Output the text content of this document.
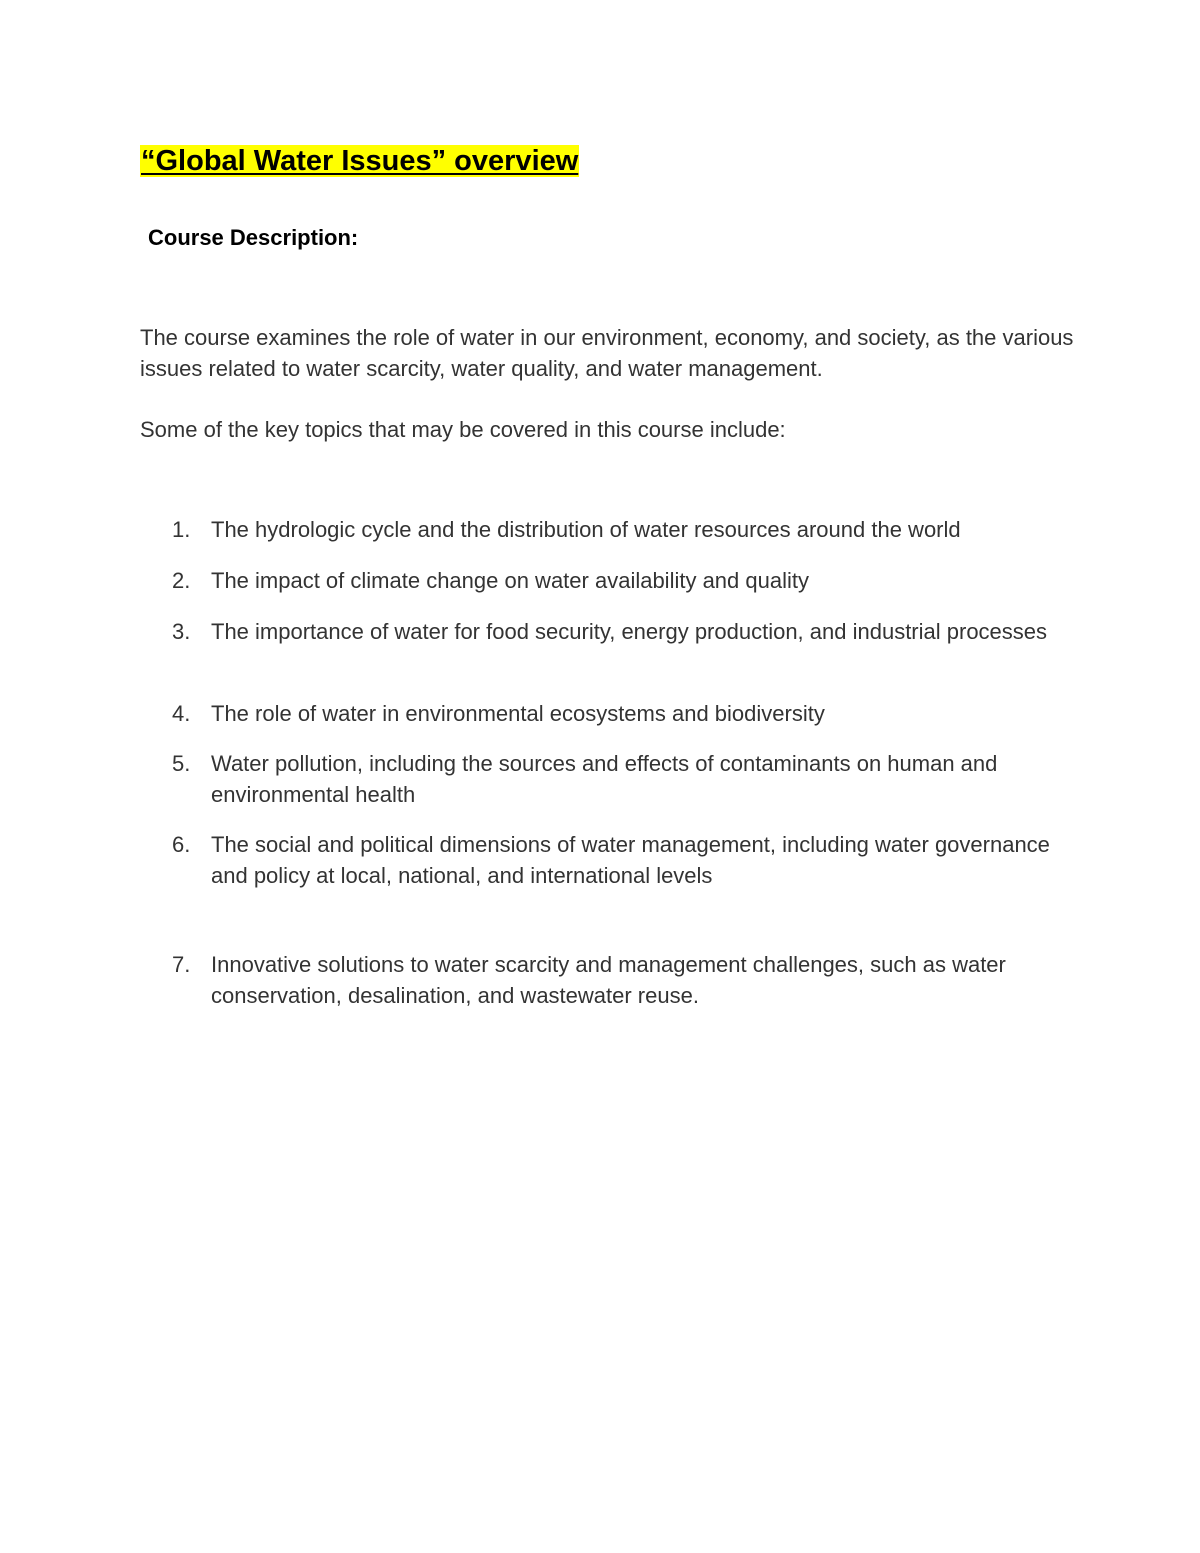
“Global Water Issues” overview
Course Description:

The course examines the role of water in our environment, economy, and society, as the various issues related to water scarcity, water quality, and water management.

Some of the key topics that may be covered in this course include:

1. The hydrologic cycle and the distribution of water resources around the world
2. The impact of climate change on water availability and quality
3. The importance of water for food security, energy production, and industrial processes
4. The role of water in environmental ecosystems and biodiversity
5. Water pollution, including the sources and effects of contaminants on human and environmental health
6. The social and political dimensions of water management, including water governance and policy at local, national, and international levels
7. Innovative solutions to water scarcity and management challenges, such as water conservation, desalination, and wastewater reuse.
